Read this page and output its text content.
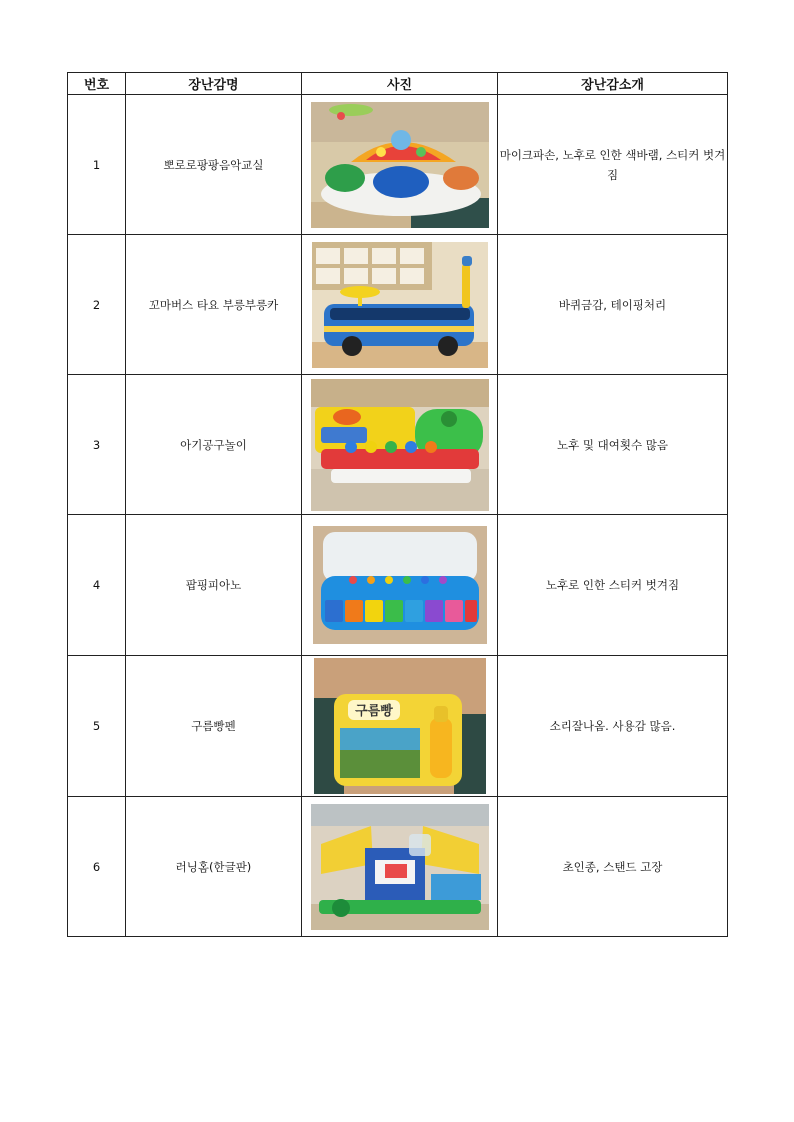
번호	장난감명	사진	장난감소개
1	뽀로로팡팡음악교실		마이크파손, 노후로 인한 색바램, 스티커 벗겨짐
2	꼬마버스 타요 부릉부릉카		바퀴금감, 테이핑처리
3	아기공구놀이		노후 및 대여횟수 많음
4	팝핑피아노		노후로 인한 스티커 벗겨짐
5	구름빵펜	구름빵	소리잘나옴. 사용감 많음.
6	러닝홈(한글판)		초인종, 스탠드 고장
